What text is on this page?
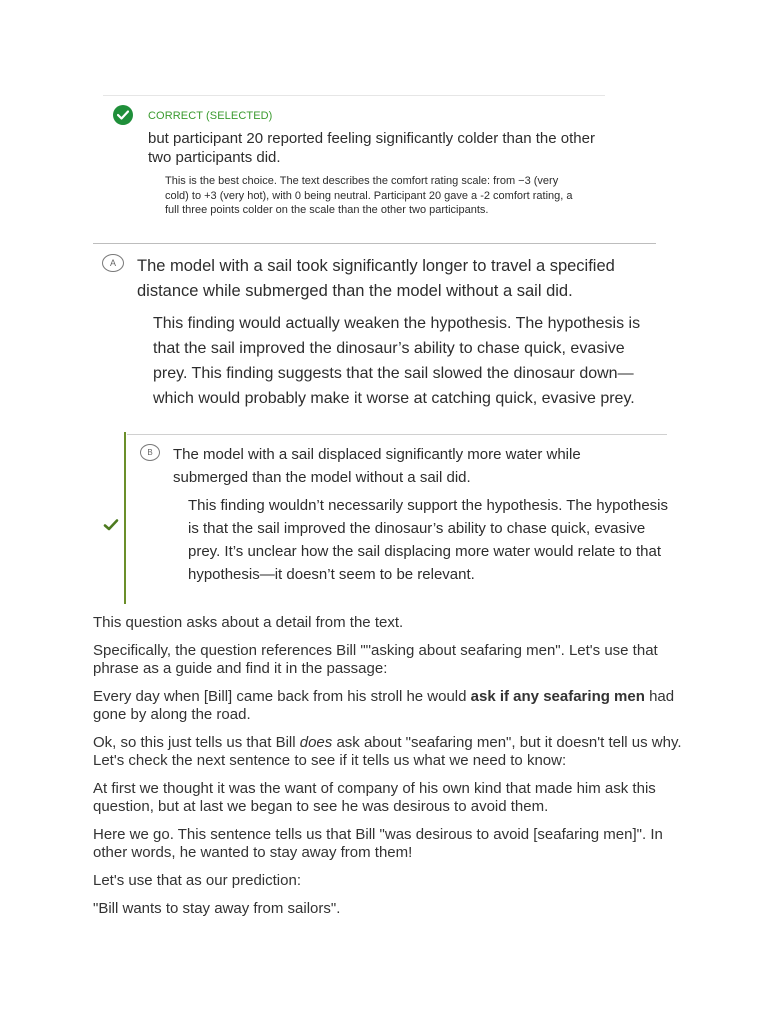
CORRECT (SELECTED)
but participant 20 reported feeling significantly colder than the other two participants did.
This is the best choice. The text describes the comfort rating scale: from −3 (very cold) to +3 (very hot), with 0 being neutral. Participant 20 gave a -2 comfort rating, a full three points colder on the scale than the other two participants.
A	The model with a sail took significantly longer to travel a specified distance while submerged than the model without a sail did.
This finding would actually weaken the hypothesis. The hypothesis is that the sail improved the dinosaur’s ability to chase quick, evasive prey. This finding suggests that the sail slowed the dinosaur down—which would probably make it worse at catching quick, evasive prey.
B	The model with a sail displaced significantly more water while submerged than the model without a sail did.
This finding wouldn’t necessarily support the hypothesis. The hypothesis is that the sail improved the dinosaur’s ability to chase quick, evasive prey. It’s unclear how the sail displacing more water would relate to that hypothesis—it doesn’t seem to be relevant.
This question asks about a detail from the text.
Specifically, the question references Bill ""asking about seafaring men". Let's use that phrase as a guide and find it in the passage:
Every day when [Bill] came back from his stroll he would ask if any seafaring men had gone by along the road.
Ok, so this just tells us that Bill does ask about "seafaring men", but it doesn't tell us why. Let's check the next sentence to see if it tells us what we need to know:
At first we thought it was the want of company of his own kind that made him ask this question, but at last we began to see he was desirous to avoid them.
Here we go. This sentence tells us that Bill "was desirous to avoid [seafaring men]". In other words, he wanted to stay away from them!
Let's use that as our prediction:
"Bill wants to stay away from sailors".
